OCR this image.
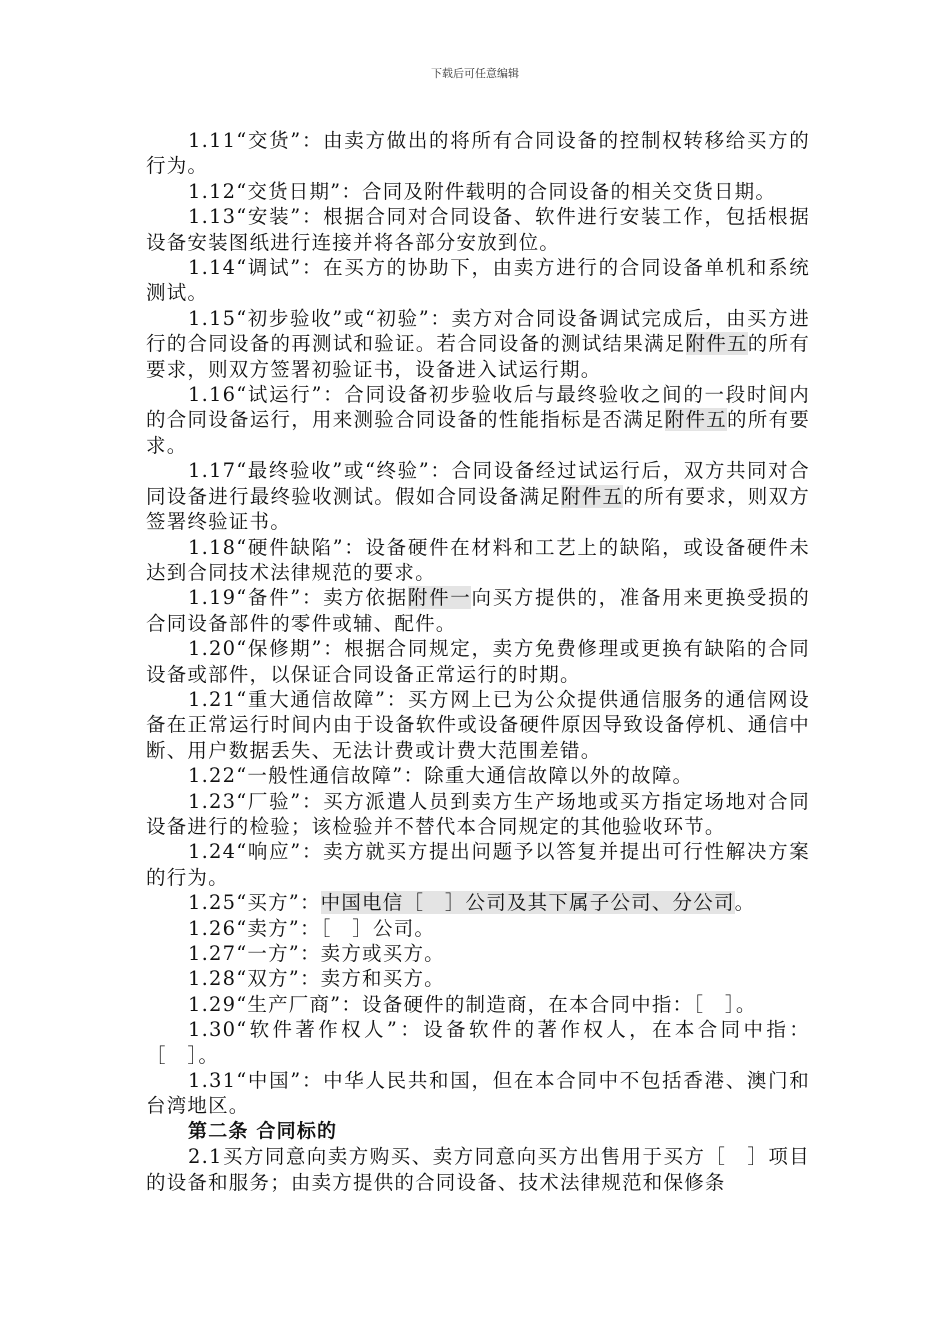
下载后可任意编辑

1.11“交货”：由卖方做出的将所有合同设备的控制权转移给买方的行为。

1.12“交货日期”：合同及附件载明的合同设备的相关交货日期。

1.13“安装”：根据合同对合同设备、软件进行安装工作，包括根据设备安装图纸进行连接并将各部分安放到位。

1.14“调试”：在买方的协助下，由卖方进行的合同设备单机和系统测试。

1.15“初步验收”或“初验”：卖方对合同设备调试完成后，由买方进行的合同设备的再测试和验证。若合同设备的测试结果满足附件五的所有要求，则双方签署初验证书，设备进入试运行期。

1.16“试运行”：合同设备初步验收后与最终验收之间的一段时间内的合同设备运行，用来测验合同设备的性能指标是否满足附件五的所有要求。

1.17“最终验收”或“终验”：合同设备经过试运行后，双方共同对合同设备进行最终验收测试。假如合同设备满足附件五的所有要求，则双方签署终验证书。

1.18“硬件缺陷”：设备硬件在材料和工艺上的缺陷，或设备硬件未达到合同技术法律规范的要求。

1.19“备件”：卖方依据附件一向买方提供的，准备用来更换受损的合同设备部件的零件或辅、配件。

1.20“保修期”：根据合同规定，卖方免费修理或更换有缺陷的合同设备或部件，以保证合同设备正常运行的时期。

1.21“重大通信故障”：买方网上已为公众提供通信服务的通信网设备在正常运行时间内由于设备软件或设备硬件原因导致设备停机、通信中断、用户数据丢失、无法计费或计费大范围差错。

1.22“一般性通信故障”：除重大通信故障以外的故障。

1.23“厂验”：买方派遣人员到卖方生产场地或买方指定场地对合同设备进行的检验；该检验并不替代本合同规定的其他验收环节。

1.24“响应”：卖方就买方提出问题予以答复并提出可行性解决方案的行为。

1.25“买方”：中国电信［　］公司及其下属子公司、分公司。

1.26“卖方”：［　］公司。

1.27“一方”：卖方或买方。

1.28“双方”：卖方和买方。

1.29“生产厂商”：设备硬件的制造商，在本合同中指：［　］。

1.30“软件著作权人”：设备软件的著作权人，在本合同中指：［　］。

1.31“中国”：中华人民共和国，但在本合同中不包括香港、澳门和台湾地区。

第二条 合同标的

2.1买方同意向卖方购买、卖方同意向买方出售用于买方［　］项目的设备和服务；由卖方提供的合同设备、技术法律规范和保修条
